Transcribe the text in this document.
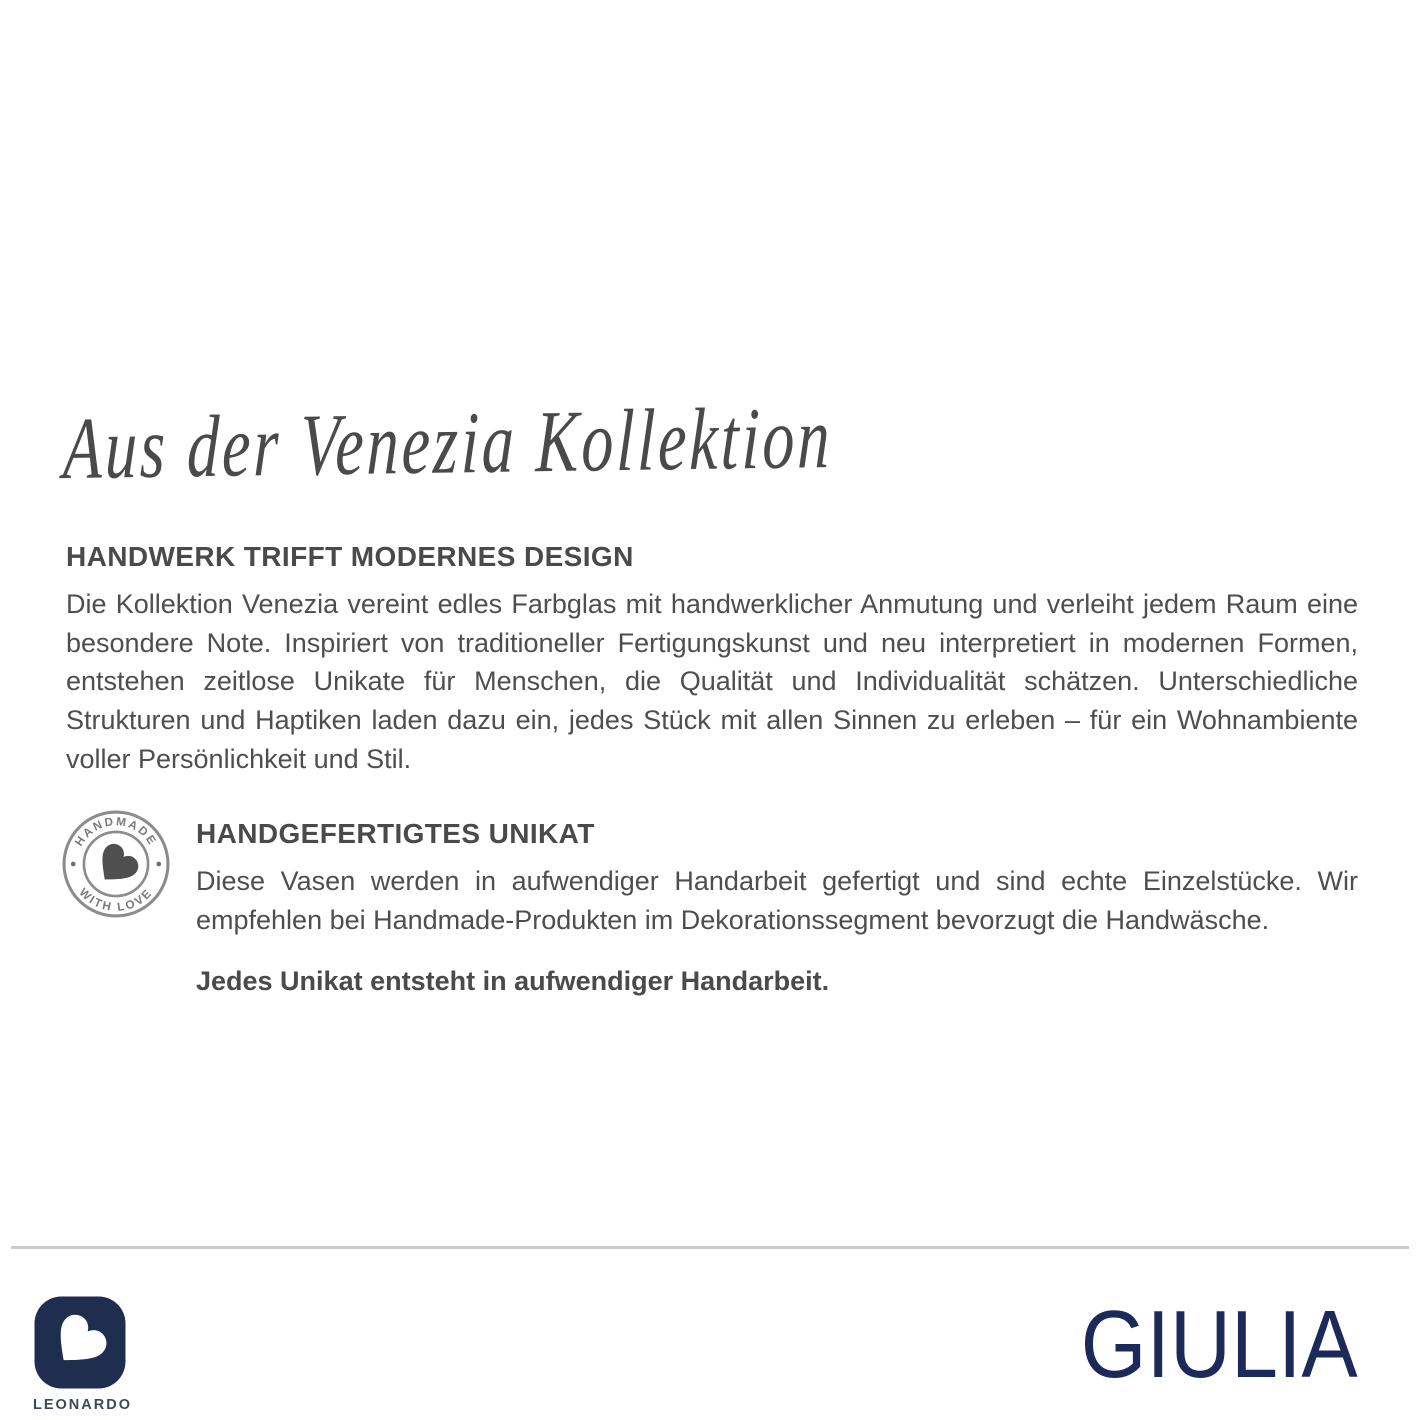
Aus der Venezia Kollektion
HANDWERK TRIFFT MODERNES DESIGN

Die Kollektion Venezia vereint edles Farbglas mit handwerklicher Anmutung und verleiht jedem Raum eine besondere Note. Inspiriert von traditioneller Fertigungskunst und neu interpretiert in modernen Formen, entstehen zeitlose Unikate für Menschen, die Qualität und Individualität schätzen. Unterschiedliche Strukturen und Haptiken laden dazu ein, jedes Stück mit allen Sinnen zu erleben – für ein Wohnambiente voller Persönlichkeit und Stil.

HANDMADE
WITH LOVE
HANDGEFERTIGTES UNIKAT

Diese Vasen werden in aufwendiger Handarbeit gefertigt und sind echte Einzelstücke. Wir empfehlen bei Handmade-Produkten im Dekorationssegment bevorzugt die Handwäsche.

Jedes Unikat entsteht in aufwendiger Handarbeit.

LEONARDO
GIULIA
